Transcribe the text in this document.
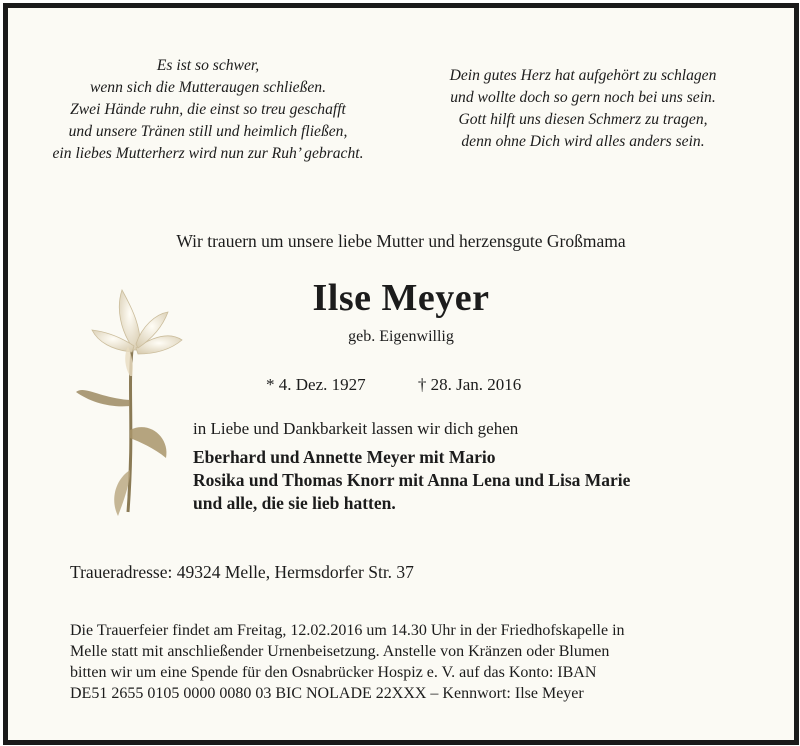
Es ist so schwer,
wenn sich die Mutteraugen schließen.
Zwei Hände ruhn, die einst so treu geschafft
und unsere Tränen still und heimlich fließen,
ein liebes Mutterherz wird nun zur Ruh’ gebracht.
Dein gutes Herz hat aufgehört zu schlagen
und wolltе doch so gern noch bei uns sein.
Gott hilft uns diesen Schmerz zu tragen,
denn ohne Dich wird alles anders sein.
Wir trauern um unsere liebe Mutter und herzensgute Großmama
Ilse Meyer
geb. Eigenwillig
* 4. Dez. 1927	† 28. Jan. 2016
in Liebe und Dankbarkeit lassen wir dich gehen
Eberhard und Annette Meyer mit Mario
Rosika und Thomas Knorr mit Anna Lena und Lisa Marie
und alle, die sie lieb hatten.
Traueradresse: 49324 Melle, Hermsdorfer Str. 37
Die Trauerfeier findet am Freitag, 12.02.2016 um 14.30 Uhr in der Friedhofskapelle in
Melle statt mit anschließender Urnenbeisetzung. Anstelle von Kränzen oder Blumen
bitten wir um eine Spende für den Osnabrücker Hospiz e. V. auf das Konto: IBAN
DE51 2655 0105 0000 0080 03 BIC NOLADE 22XXX – Kennwort: Ilse Meyer
